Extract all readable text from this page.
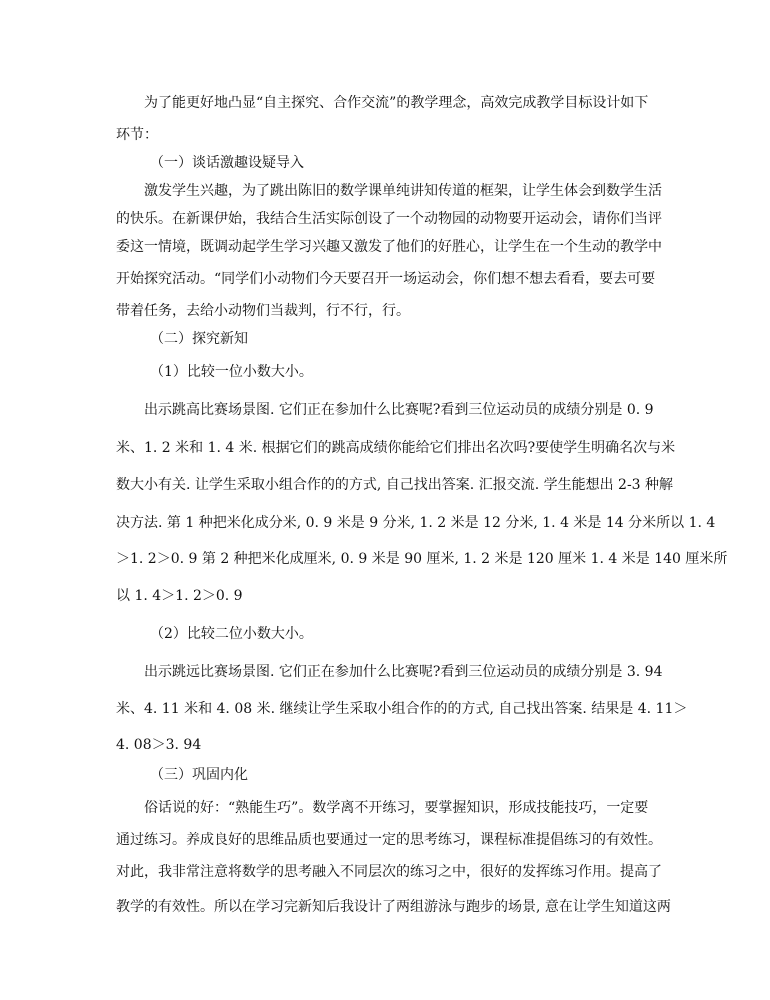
为了能更好地凸显“自主探究、合作交流”的教学理念，高效完成教学目标设计如下
环节：
（一）谈话激趣设疑导入
激发学生兴趣，为了跳出陈旧的数学课单纯讲知传道的框架，让学生体会到数学生活
的快乐。在新课伊始，我结合生活实际创设了一个动物园的动物要开运动会，请你们当评
委这一情境，既调动起学生学习兴趣又激发了他们的好胜心，让学生在一个生动的教学中
开始探究活动。“同学们小动物们今天要召开一场运动会，你们想不想去看看，要去可要
带着任务，去给小动物们当裁判，行不行，行。
（二）探究新知
（1）比较一位小数大小。
出示跳高比赛场景图. 它们正在参加什么比赛呢?看到三位运动员的成绩分别是 0. 9
米、1. 2 米和 1. 4 米. 根据它们的跳高成绩你能给它们排出名次吗?要使学生明确名次与米
数大小有关. 让学生采取小组合作的的方式, 自己找出答案. 汇报交流. 学生能想出 2-3 种解
决方法. 第 1 种把米化成分米, 0. 9 米是 9 分米, 1. 2 米是 12 分米, 1. 4 米是 14 分米所以 1. 4
＞1. 2＞0. 9 第 2 种把米化成厘米, 0. 9 米是 90 厘米, 1. 2 米是 120 厘米 1. 4 米是 140 厘米所
以 1. 4＞1. 2＞0. 9
（2）比较二位小数大小。
出示跳远比赛场景图. 它们正在参加什么比赛呢?看到三位运动员的成绩分别是 3. 94
米、4. 11 米和 4. 08 米. 继续让学生采取小组合作的的方式, 自己找出答案. 结果是 4. 11＞
4. 08＞3. 94
（三）巩固内化
俗话说的好：“熟能生巧”。数学离不开练习，要掌握知识，形成技能技巧，一定要
通过练习。养成良好的思维品质也要通过一定的思考练习，课程标准提倡练习的有效性。
对此，我非常注意将数学的思考融入不同层次的练习之中，很好的发挥练习作用。提高了
教学的有效性。所以在学习完新知后我设计了两组游泳与跑步的场景, 意在让学生知道这两
